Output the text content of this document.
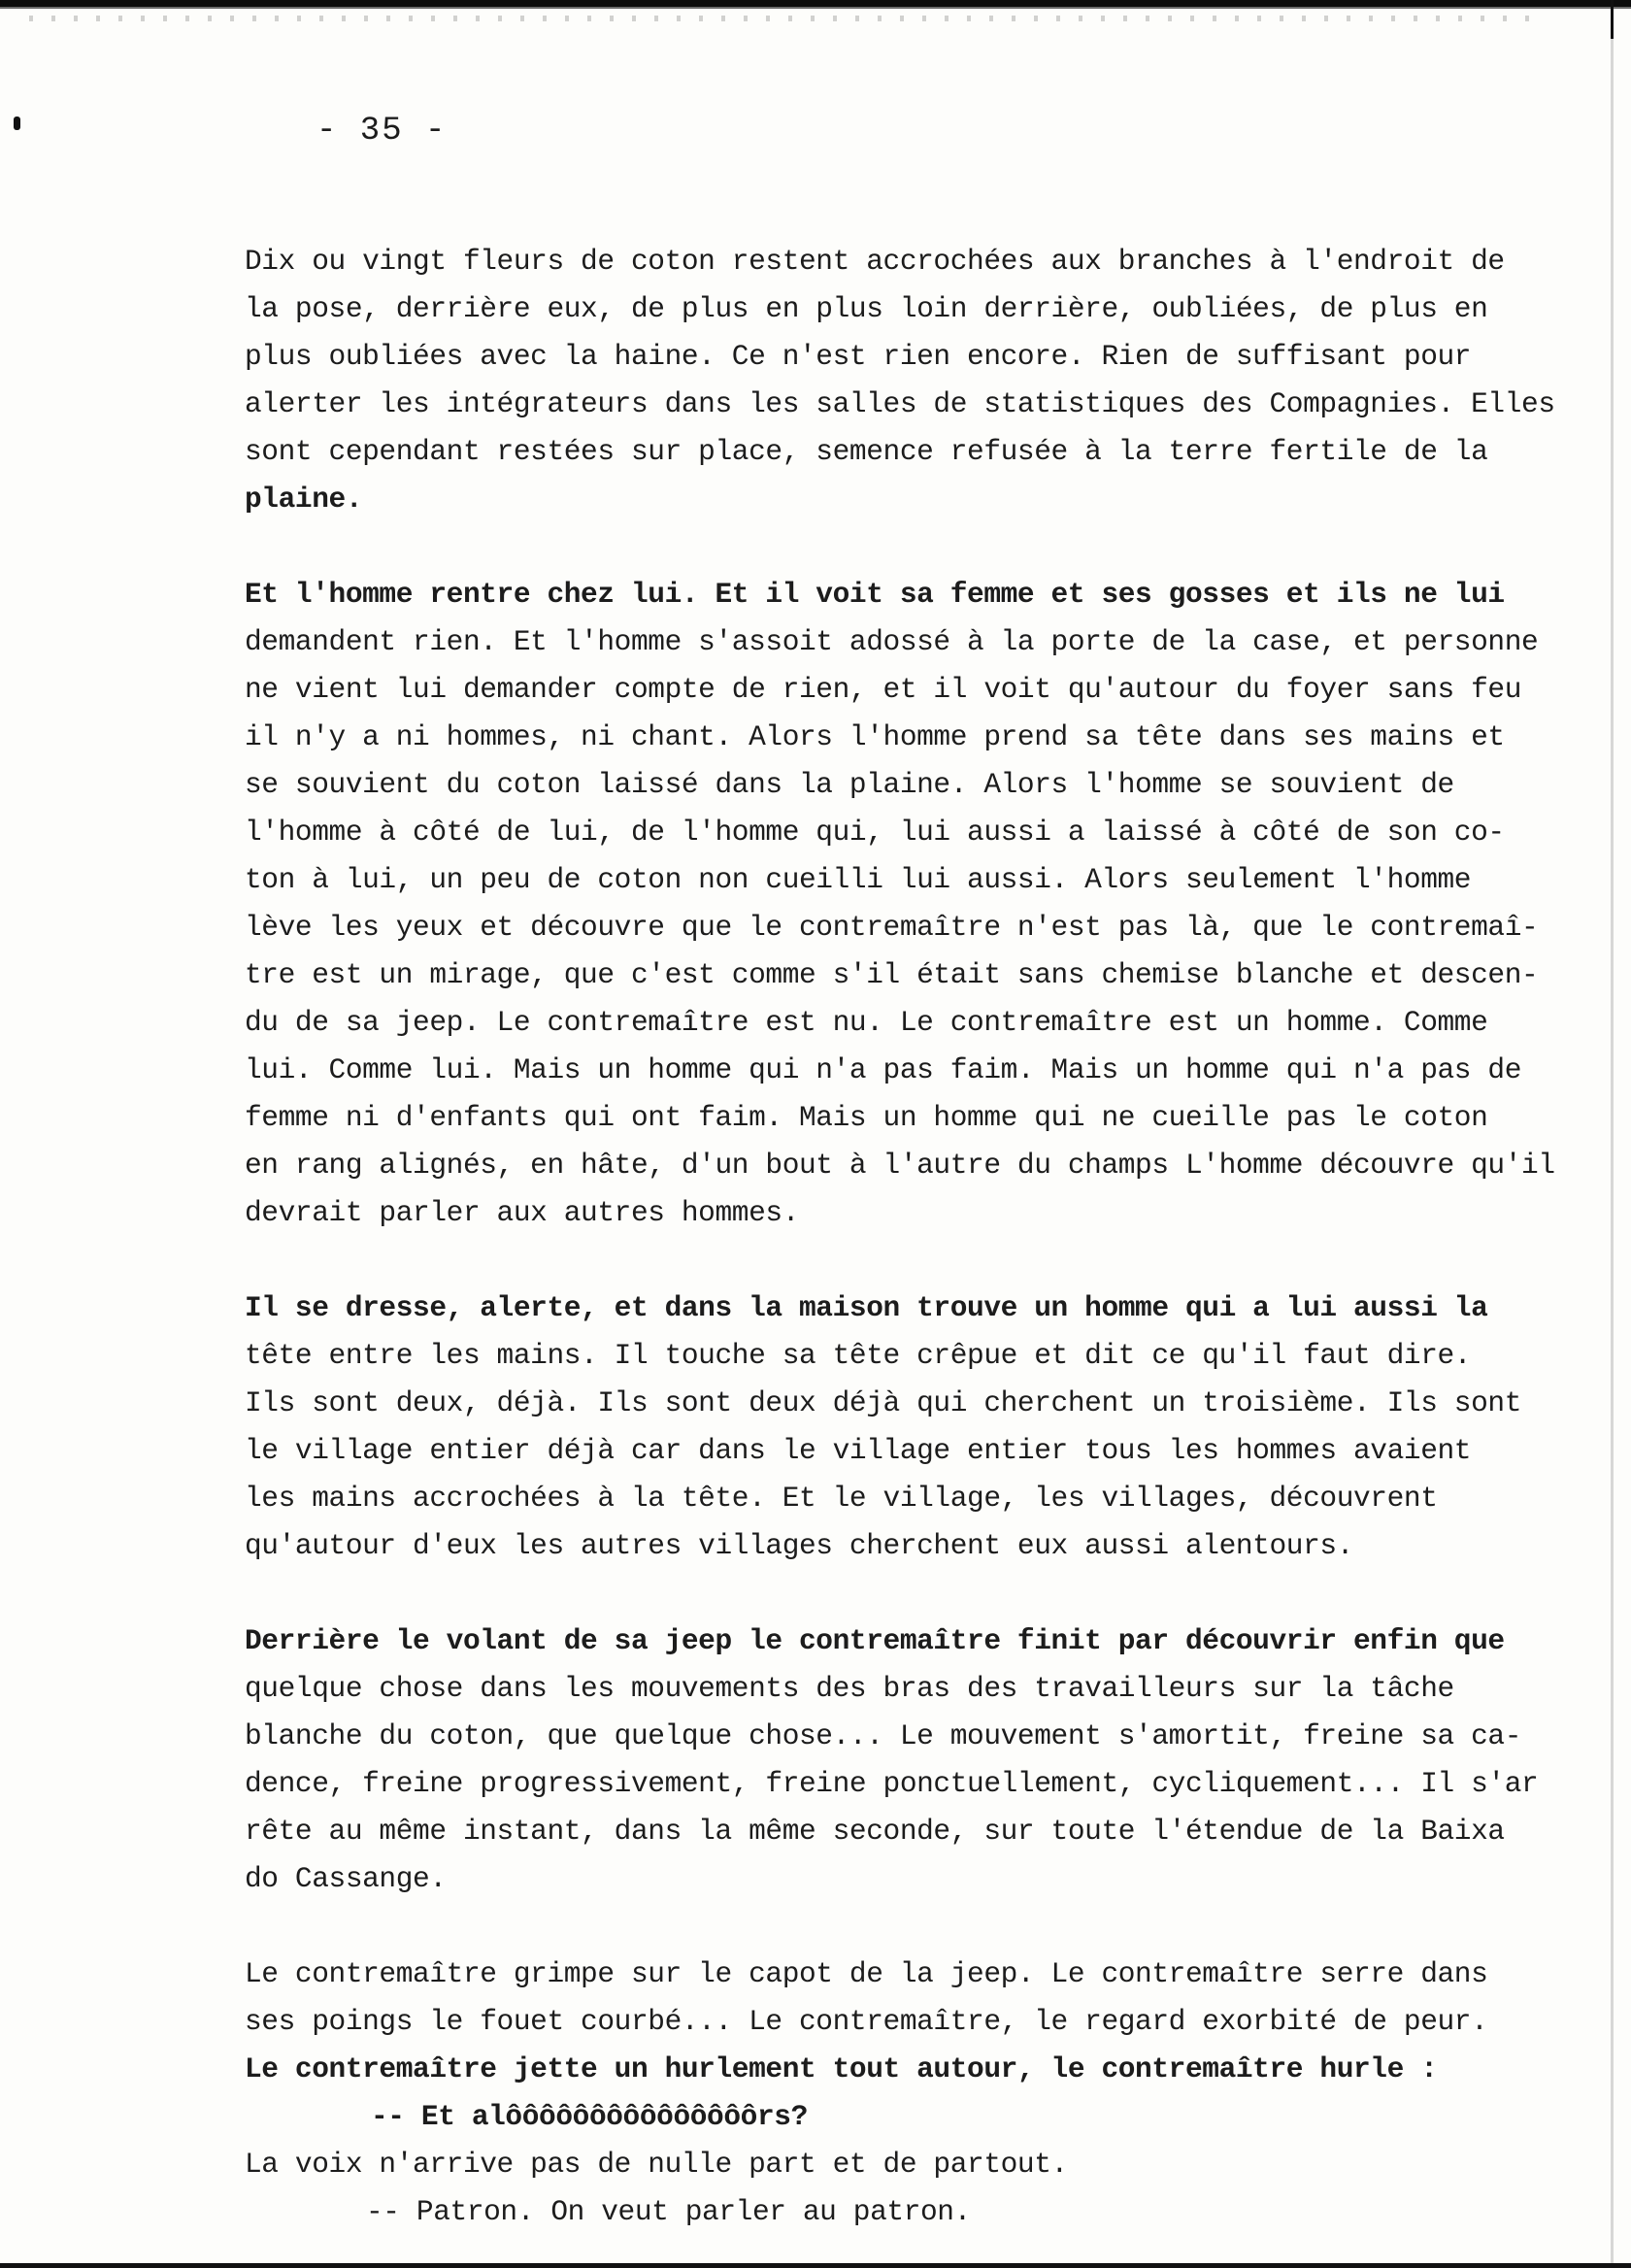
- 35 -
Dix ou vingt fleurs de coton restent accrochées aux branches à l'endroit de
la pose, derrière eux, de plus en plus loin derrière, oubliées, de plus en
plus oubliées avec la haine. Ce n'est rien encore. Rien de suffisant pour
alerter les intégrateurs dans les salles de statistiques des Compagnies. Elles
sont cependant restées sur place, semence refusée à la terre fertile de la
plaine.
Et l'homme rentre chez lui. Et il voit sa femme et ses gosses et ils ne lui
demandent rien. Et l'homme s'assoit adossé à la porte de la case, et personne
ne vient lui demander compte de rien, et il voit qu'autour du foyer sans feu
il n'y a ni hommes, ni chant. Alors l'homme prend sa tête dans ses mains et
se souvient du coton laissé dans la plaine. Alors l'homme se souvient de
l'homme à côté de lui, de l'homme qui, lui aussi a laissé à côté de son co-
ton à lui, un peu de coton non cueilli lui aussi. Alors seulement l'homme
lève les yeux et découvre que le contremaître n'est pas là, que le contremaî-
tre est un mirage, que c'est comme s'il était sans chemise blanche et descen-
du de sa jeep. Le contremaître est nu. Le contremaître est un homme. Comme
lui. Comme lui. Mais un homme qui n'a pas faim. Mais un homme qui n'a pas de
femme ni d'enfants qui ont faim. Mais un homme qui ne cueille pas le coton
en rang alignés, en hâte, d'un bout à l'autre du champs L'homme découvre qu'il
devrait parler aux autres hommes.
Il se dresse, alerte, et dans la maison trouve un homme qui a lui aussi la
tête entre les mains. Il touche sa tête crêpue et dit ce qu'il faut dire.
Ils sont deux, déjà. Ils sont deux déjà qui cherchent un troisième. Ils sont
le village entier déjà car dans le village entier tous les hommes avaient
les mains accrochées à la tête. Et le village, les villages, découvrent
qu'autour d'eux les autres villages cherchent eux aussi alentours.
Derrière le volant de sa jeep le contremaître finit par découvrir enfin que
quelque chose dans les mouvements des bras des travailleurs sur la tâche
blanche du coton, que quelque chose... Le mouvement s'amortit, freine sa ca-
dence, freine progressivement, freine ponctuellement, cycliquement... Il s'ar
rête au même instant, dans la même seconde, sur toute l'étendue de la Baixa
do Cassange.
Le contremaître grimpe sur le capot de la jeep. Le contremaître serre dans
ses poings le fouet courbé... Le contremaître, le regard exorbité de peur.
Le contremaître jette un hurlement tout autour, le contremaître hurle :
-- Et alôôôôôôôôôôôôôôôrs?
La voix n'arrive pas de nulle part et de partout.
-- Patron. On veut parler au patron.
